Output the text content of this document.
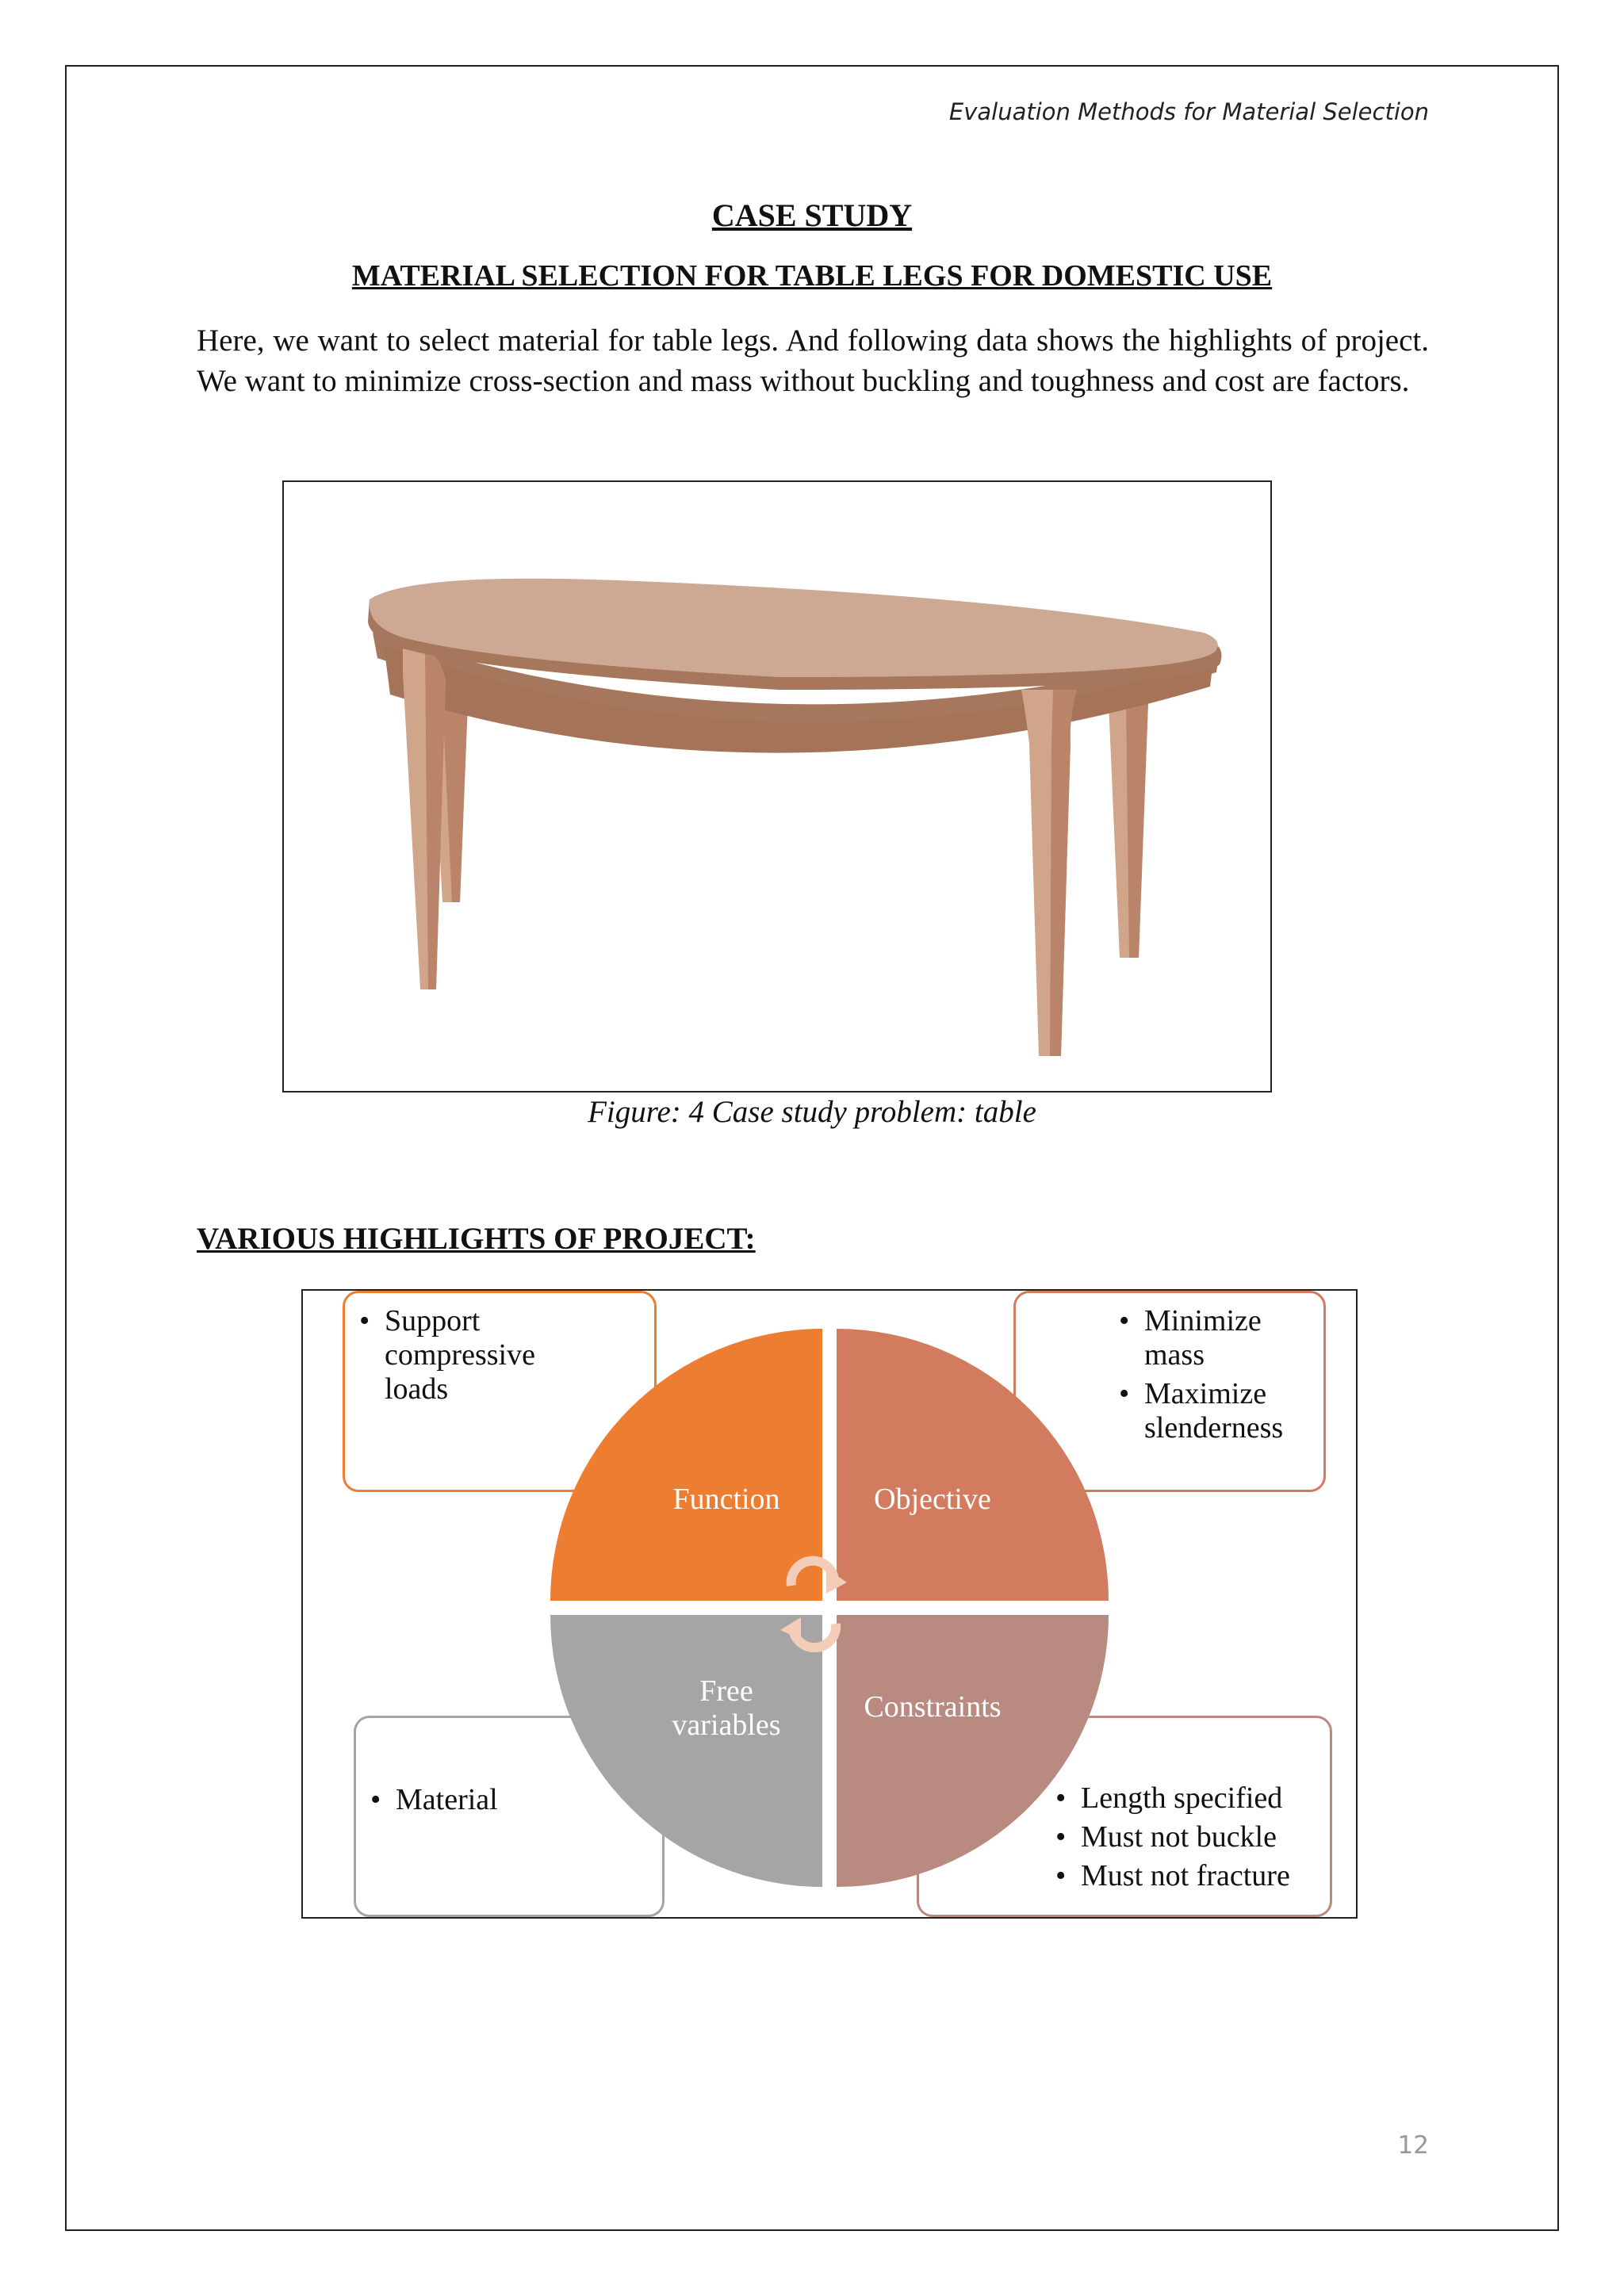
Evaluation Methods for Material Selection
CASE STUDY
MATERIAL SELECTION FOR TABLE LEGS FOR DOMESTIC USE

Here, we want to select material for table legs. And following data shows the highlights of project. We want to minimize cross-section and mass without buckling and toughness and cost are factors.

Figure: 4 Case study problem: table
VARIOUS HIGHLIGHTS OF PROJECT:
• Support compressive loads
• Minimize mass
• Maximize slenderness
• Material
•	Length specified
• Must not buckle
• Must not fracture
Function	Objective
Free variables
Constraints
12
